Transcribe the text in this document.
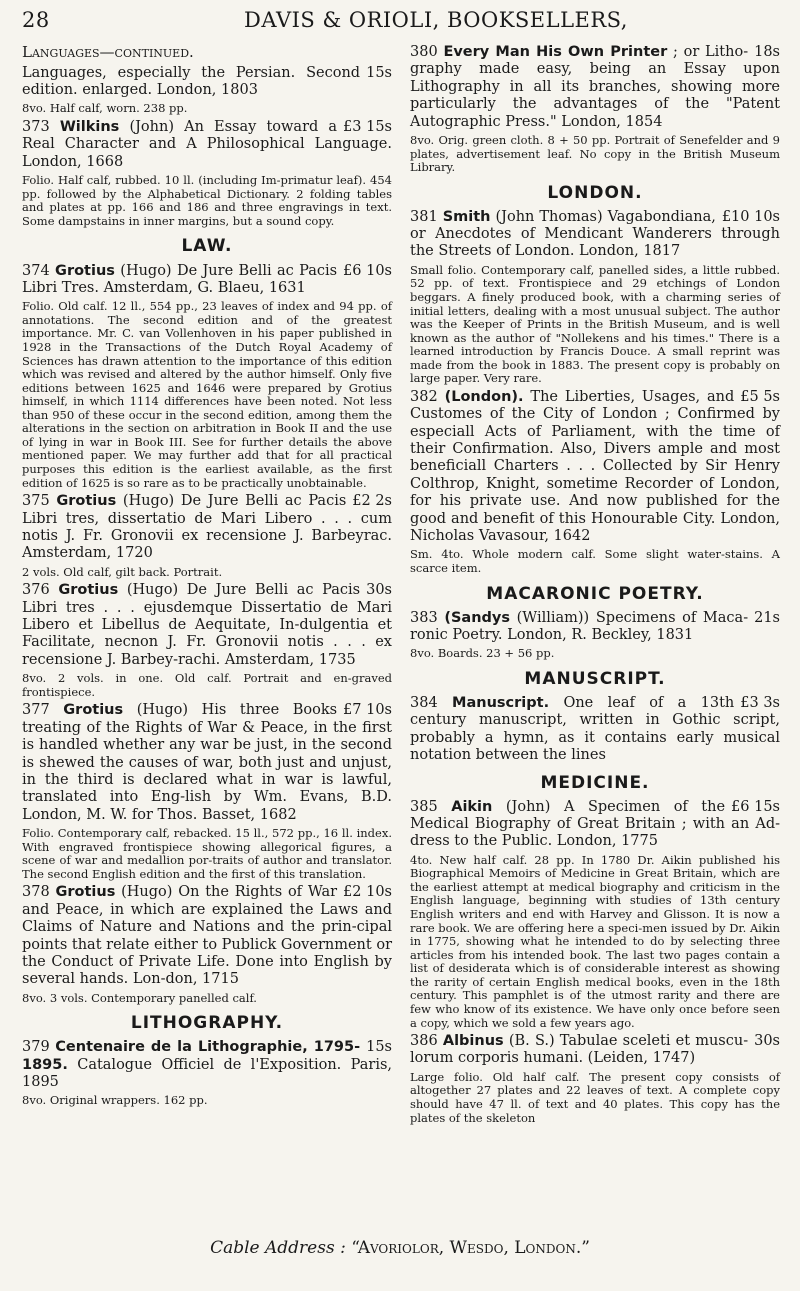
28	DAVIS & ORIOLI, BOOKSELLERS,

Languages—continued.

15s
Languages, especially the Persian. Second edition. enlarged. London, 1803

8vo. Half calf, worn. 238 pp.

£3 15s
373 Wilkins (John) An Essay toward a Real Character and A Philosophical Language. London, 1668

Folio. Half calf, rubbed. 10 ll. (including Im-primatur leaf). 454 pp. followed by the Alphabetical Dictionary. 2 folding tables and plates at pp. 166 and 186 and three engravings in text. Some dampstains in inner margins, but a sound copy.

LAW.

£6 10s
374 Grotius (Hugo) De Jure Belli ac Pacis Libri Tres. Amsterdam, G. Blaeu, 1631

Folio. Old calf. 12 ll., 554 pp., 23 leaves of index and 94 pp. of annotations. The second edition and of the greatest importance. Mr. C. van Vollenhoven in his paper published in 1928 in the Transactions of the Dutch Royal Academy of Sciences has drawn attention to the importance of this edition which was revised and altered by the author himself. Only five editions between 1625 and 1646 were prepared by Grotius himself, in which 1114 differences have been noted. Not less than 950 of these occur in the second edition, among them the alterations in the section on arbitration in Book II and the use of lying in war in Book III. See for further details the above mentioned paper. We may further add that for all practical purposes this edition is the earliest available, as the first edition of 1625 is so rare as to be practically unobtainable.

£2 2s
375 Grotius (Hugo) De Jure Belli ac Pacis Libri tres, dissertatio de Mari Libero . . . cum notis J. Fr. Gronovii ex recensione J. Barbeyrac. Amsterdam, 1720

2 vols. Old calf, gilt back. Portrait.

30s
376 Grotius (Hugo) De Jure Belli ac Pacis Libri tres . . . ejusdemque Dissertatio de Mari Libero et Libellus de Aequitate, In-dulgentia et Facilitate, necnon J. Fr. Gronovii notis . . . ex recensione J. Barbey-rachi. Amsterdam, 1735

8vo. 2 vols. in one. Old calf. Portrait and en-graved frontispiece.

£7 10s
377 Grotius (Hugo) His three Books treating of the Rights of War & Peace, in the first is handled whether any war be just, in the second is shewed the causes of war, both just and unjust, in the third is declared what in war is lawful, translated into Eng-lish by Wm. Evans, B.D. London, M. W. for Thos. Basset, 1682

Folio. Contemporary calf, rebacked. 15 ll., 572 pp., 16 ll. index. With engraved frontispiece showing allegorical figures, a scene of war and medallion por-traits of author and translator. The second English edition and the first of this translation.

£2 10s
378 Grotius (Hugo) On the Rights of War and Peace, in which are explained the Laws and Claims of Nature and Nations and the prin-cipal points that relate either to Publick Government or the Conduct of Private Life. Done into English by several hands. Lon-don, 1715

8vo. 3 vols. Contemporary panelled calf.

LITHOGRAPHY.

15s
379 Centenaire de la Lithographie, 1795-1895. Catalogue Officiel de l'Exposition. Paris, 1895

8vo. Original wrappers. 162 pp.

18s
380 Every Man His Own Printer ; or Litho-graphy made easy, being an Essay upon Lithography in all its branches, showing more particularly the advantages of the "Patent Autographic Press." London, 1854

8vo. Orig. green cloth. 8 + 50 pp. Portrait of Senefelder and 9 plates, advertisement leaf. No copy in the British Museum Library.

LONDON.

£10 10s
381 Smith (John Thomas) Vagabondiana, or Anecdotes of Mendicant Wanderers through the Streets of London. London, 1817

Small folio. Contemporary calf, panelled sides, a little rubbed. 52 pp. of text. Frontispiece and 29 etchings of London beggars. A finely produced book, with a charming series of initial letters, dealing with a most unusual subject. The author was the Keeper of Prints in the British Museum, and is well known as the author of "Nollekens and his times." There is a learned introduction by Francis Douce. A small reprint was made from the book in 1883. The present copy is probably on large paper. Very rare.

£5 5s
382 (London). The Liberties, Usages, and Customes of the City of London ; Confirmed by especiall Acts of Parliament, with the time of their Confirmation. Also, Divers ample and most beneficiall Charters . . . Collected by Sir Henry Colthrop, Knight, sometime Recorder of London, for his private use. And now published for the good and benefit of this Honourable City. London, Nicholas Vavasour, 1642

Sm. 4to. Whole modern calf. Some slight water-stains. A scarce item.

MACARONIC POETRY.

21s
383 (Sandys (William)) Specimens of Maca-ronic Poetry. London, R. Beckley, 1831

8vo. Boards. 23 + 56 pp.

MANUSCRIPT.

£3 3s
384 Manuscript. One leaf of a 13th century manuscript, written in Gothic script, probably a hymn, as it contains early musical notation between the lines

MEDICINE.

£6 15s
385 Aikin (John) A Specimen of the Medical Biography of Great Britain ; with an Ad-dress to the Public. London, 1775

4to. New half calf. 28 pp. In 1780 Dr. Aikin published his Biographical Memoirs of Medicine in Great Britain, which are the earliest attempt at medical biography and criticism in the English language, beginning with studies of 13th century English writers and end with Harvey and Glisson. It is now a rare book. We are offering here a speci-men issued by Dr. Aikin in 1775, showing what he intended to do by selecting three articles from his intended book. The last two pages contain a list of desiderata which is of considerable interest as showing the rarity of certain English medical books, even in the 18th century. This pamphlet is of the utmost rarity and there are few who know of its existence. We have only once before seen a copy, which we sold a few years ago.

30s
386 Albinus (B. S.) Tabulae sceleti et muscu-lorum corporis humani. (Leiden, 1747)

Large folio. Old half calf. The present copy consists of altogether 27 plates and 22 leaves of text. A complete copy should have 47 ll. of text and 40 plates. This copy has the plates of the skeleton

Cable Address : “Avoriolor, Wesdo, London.”
